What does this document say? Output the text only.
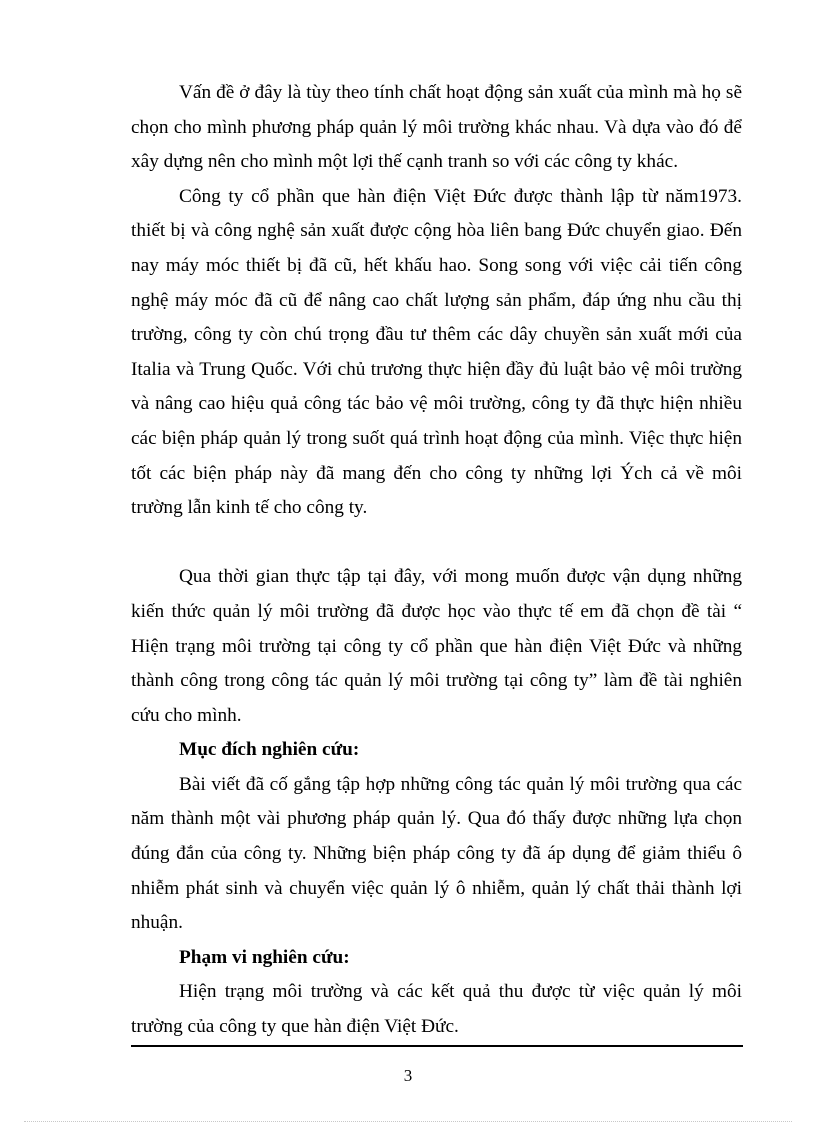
Vấn đề ở đây là tùy theo tính chất hoạt động sản xuất của mình mà họ sẽ chọn cho mình phương pháp quản lý môi trường khác nhau. Và dựa vào đó để xây dựng nên cho mình một lợi thế cạnh tranh so với các công ty khác.

Công ty cổ phần que hàn điện Việt Đức được thành lập từ năm1973. thiết bị và công nghệ sản xuất được cộng hòa liên bang Đức chuyển giao. Đến nay máy móc thiết bị đã cũ, hết khấu hao. Song song với việc cải tiến công nghệ máy móc đã cũ để nâng cao chất lượng sản phẩm, đáp ứng nhu cầu thị trường, công ty còn chú trọng đầu tư thêm các dây chuyền sản xuất mới của Italia và Trung Quốc. Với chủ trương thực hiện đầy đủ luật bảo vệ môi trường và nâng cao hiệu quả công tác bảo vệ môi trường, công ty đã thực hiện nhiều các biện pháp quản lý trong suốt quá trình hoạt động của mình. Việc thực hiện tốt các biện pháp này đã mang đến cho công ty những lợi Ých cả về môi trường lẫn kinh tế cho công ty.

Qua thời gian thực tập tại đây, với mong muốn được vận dụng những kiến thức quản lý môi trường đã được học vào thực tế em đã chọn đề tài “ Hiện trạng môi trường tại công ty cổ phần que hàn điện Việt Đức và những thành công trong công tác quản lý môi trường tại công ty” làm đề tài nghiên cứu cho mình.

Mục đích nghiên cứu:

Bài viết đã cố gắng tập hợp những công tác quản lý môi trường qua các năm thành một vài phương pháp quản lý. Qua đó thấy được những lựa chọn đúng đắn của công ty. Những biện pháp công ty đã áp dụng để giảm thiểu ô nhiễm phát sinh và chuyển việc quản lý ô nhiễm, quản lý chất thải thành lợi nhuận.

Phạm vi nghiên cứu:

Hiện trạng môi trường và các kết quả thu được từ việc quản lý môi trường của công ty que hàn điện Việt Đức.

3
